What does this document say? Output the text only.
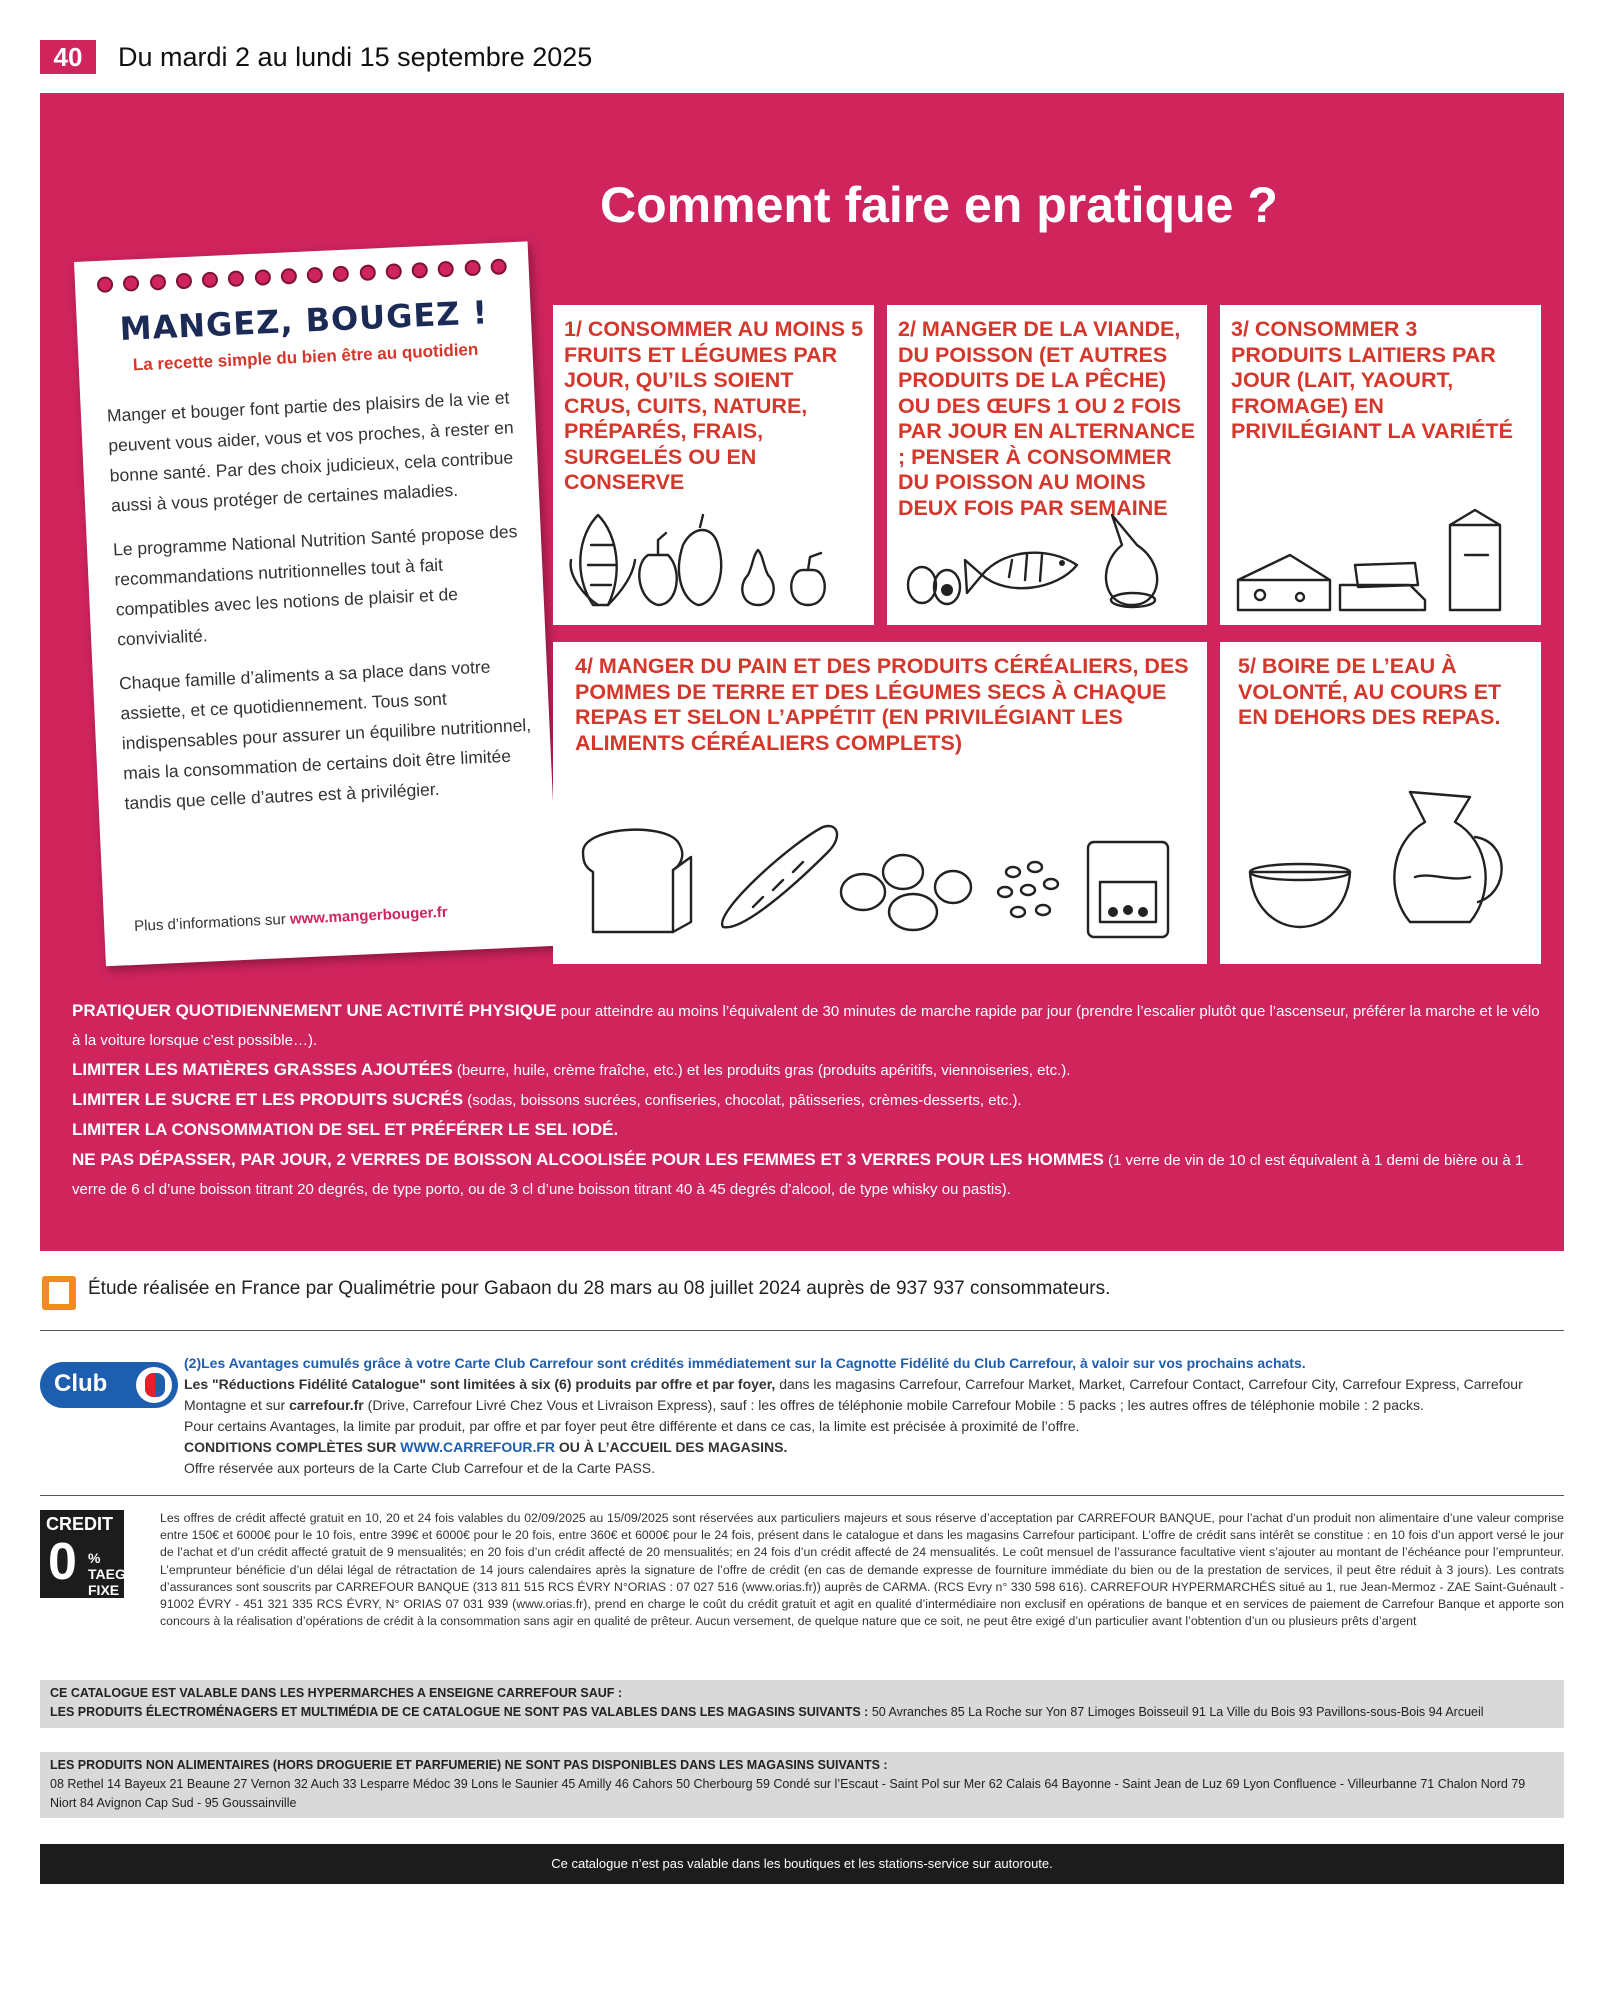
40	Du mardi 2 au lundi 15 septembre 2025
Comment faire en pratique ?
MANGEZ, BOUGEZ !
La recette simple du bien être au quotidien

Manger et bouger font partie des plaisirs de la vie et peuvent vous aider, vous et vos proches, à rester en bonne santé. Par des choix judicieux, cela contribue aussi à vous protéger de certaines maladies.

Le programme National Nutrition Santé propose des recommandations nutritionnelles tout à fait compatibles avec les notions de plaisir et de convivialité.

Chaque famille d’aliments a sa place dans votre assiette, et ce quotidiennement. Tous sont indispensables pour assurer un équilibre nutritionnel, mais la consommation de certains doit être limitée tandis que celle d’autres est à privilégier.

Plus d’informations sur www.mangerbouger.fr
1/ CONSOMMER AU MOINS 5 FRUITS ET LÉGUMES PAR JOUR, QU’ILS SOIENT CRUS, CUITS, NATURE, PRÉPARÉS, FRAIS, SURGELÉS OU EN CONSERVE
2/ MANGER DE LA VIANDE, DU POISSON (ET AUTRES PRODUITS DE LA PÊCHE) OU DES ŒUFS 1 OU 2 FOIS PAR JOUR EN ALTERNANCE ; PENSER À CONSOMMER DU POISSON AU MOINS DEUX FOIS PAR SEMAINE
3/ CONSOMMER 3 PRODUITS LAITIERS PAR JOUR (LAIT, YAOURT, FROMAGE) EN PRIVILÉGIANT LA VARIÉTÉ
4/ MANGER DU PAIN ET DES PRODUITS CÉRÉALIERS, DES POMMES DE TERRE ET DES LÉGUMES SECS À CHAQUE REPAS ET SELON L’APPÉTIT (EN PRIVILÉGIANT LES ALIMENTS CÉRÉALIERS COMPLETS)
5/ BOIRE DE L’EAU À VOLONTÉ, AU COURS ET EN DEHORS DES REPAS.
PRATIQUER QUOTIDIENNEMENT UNE ACTIVITÉ PHYSIQUE pour atteindre au moins l’équivalent de 30 minutes de marche rapide par jour (prendre l’escalier plutôt que l’ascenseur, préférer la marche et le vélo à la voiture lorsque c’est possible…).
LIMITER LES MATIÈRES GRASSES AJOUTÉES (beurre, huile, crème fraîche, etc.) et les produits gras (produits apéritifs, viennoiseries, etc.).
LIMITER LE SUCRE ET LES PRODUITS SUCRÉS (sodas, boissons sucrées, confiseries, chocolat, pâtisseries, crèmes-desserts, etc.).
LIMITER LA CONSOMMATION DE SEL ET PRÉFÉRER LE SEL IODÉ.
NE PAS DÉPASSER, PAR JOUR, 2 VERRES DE BOISSON ALCOOLISÉE POUR LES FEMMES ET 3 VERRES POUR LES HOMMES (1 verre de vin de 10 cl est équivalent à 1 demi de bière ou à 1 verre de 6 cl d’une boisson titrant 20 degrés, de type porto, ou de 3 cl d’une boisson titrant 40 à 45 degrés d’alcool, de type whisky ou pastis).
Étude réalisée en France par Qualimétrie pour Gabaon du 28 mars au 08 juillet 2024 auprès de 937 937 consommateurs.
Club
(2)Les Avantages cumulés grâce à votre Carte Club Carrefour sont crédités immédiatement sur la Cagnotte Fidélité du Club Carrefour, à valoir sur vos prochains achats.
Les "Réductions Fidélité Catalogue" sont limitées à six (6) produits par offre et par foyer, dans les magasins Carrefour, Carrefour Market, Market, Carrefour Contact, Carrefour City, Carrefour Express, Carrefour Montagne et sur carrefour.fr (Drive, Carrefour Livré Chez Vous et Livraison Express), sauf : les offres de téléphonie mobile Carrefour Mobile : 5 packs ; les autres offres de téléphonie mobile : 2 packs.
Pour certains Avantages, la limite par produit, par offre et par foyer peut être différente et dans ce cas, la limite est précisée à proximité de l’offre.
CONDITIONS COMPLÈTES SUR WWW.CARREFOUR.FR OU À L’ACCUEIL DES MAGASINS.
Offre réservée aux porteurs de la Carte Club Carrefour et de la Carte PASS.
CREDIT
0 %
TAEG
FIXE
Les offres de crédit affecté gratuit en 10, 20 et 24 fois valables du 02/09/2025 au 15/09/2025 sont réservées aux particuliers majeurs et sous réserve d’acceptation par CARREFOUR BANQUE, pour l’achat d’un produit non alimentaire d’une valeur comprise entre 150€ et 6000€ pour le 10 fois, entre 399€ et 6000€ pour le 20 fois, entre 360€ et 6000€ pour le 24 fois, présent dans le catalogue et dans les magasins Carrefour participant. L’offre de crédit sans intérêt se constitue : en 10 fois d’un apport versé le jour de l’achat et d’un crédit affecté gratuit de 9 mensualités; en 20 fois d’un crédit affecté de 20 mensualités; en 24 fois d’un crédit affecté de 24 mensualités. Le coût mensuel de l’assurance facultative vient s’ajouter au montant de l’échéance pour l’emprunteur. L’emprunteur bénéficie d’un délai légal de rétractation de 14 jours calendaires après la signature de l’offre de crédit (en cas de demande expresse de fourniture immédiate du bien ou de la prestation de services, il peut être réduit à 3 jours). Les contrats d’assurances sont souscrits par CARREFOUR BANQUE (313 811 515 RCS ÉVRY N°ORIAS : 07 027 516 (www.orias.fr)) auprès de CARMA. (RCS Evry n° 330 598 616). CARREFOUR HYPERMARCHÉS situé au 1, rue Jean-Mermoz - ZAE Saint-Guénault - 91002 ÉVRY - 451 321 335 RCS ÉVRY, N° ORIAS 07 031 939 (www.orias.fr), prend en charge le coût du crédit gratuit et agit en qualité d’intermédiaire non exclusif en opérations de banque et en services de paiement de Carrefour Banque et apporte son concours à la réalisation d’opérations de crédit à la consommation sans agir en qualité de prêteur. Aucun versement, de quelque nature que ce soit, ne peut être exigé d’un particulier avant l’obtention d’un ou plusieurs prêts d’argent
CE CATALOGUE EST VALABLE DANS LES HYPERMARCHES A ENSEIGNE CARREFOUR SAUF :
LES PRODUITS ÉLECTROMÉNAGERS ET MULTIMÉDIA DE CE CATALOGUE NE SONT PAS VALABLES DANS LES MAGASINS SUIVANTS : 50 Avranches 85 La Roche sur Yon 87 Limoges Boisseuil 91 La Ville du Bois 93 Pavillons-sous-Bois 94 Arcueil
LES PRODUITS NON ALIMENTAIRES (HORS DROGUERIE ET PARFUMERIE) NE SONT PAS DISPONIBLES DANS LES MAGASINS SUIVANTS :
08 Rethel 14 Bayeux 21 Beaune 27 Vernon 32 Auch 33 Lesparre Médoc 39 Lons le Saunier 45 Amilly 46 Cahors 50 Cherbourg 59 Condé sur l’Escaut - Saint Pol sur Mer 62 Calais 64 Bayonne - Saint Jean de Luz 69 Lyon Confluence - Villeurbanne 71 Chalon Nord 79 Niort 84 Avignon Cap Sud - 95 Goussainville
Ce catalogue n’est pas valable dans les boutiques et les stations-service sur autoroute.
